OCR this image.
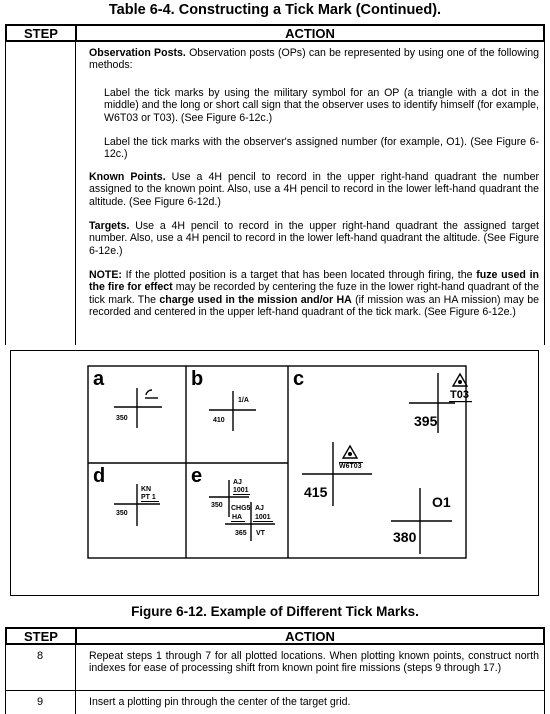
Table 6-4. Constructing a Tick Mark (Continued).
STEP	ACTION
Observation Posts. Observation posts (OPs) can be represented by using one of the following methods:
Label the tick marks by using the military symbol for an OP (a triangle with a dot in the middle) and the long or short call sign that the observer uses to identify himself (for example, W6T03 or T03). (See Figure 6-12c.)
Label the tick marks with the observer's assigned number (for example, O1). (See Figure 6-12c.)
Known Points. Use a 4H pencil to record in the upper right-hand quadrant the number assigned to the known point. Also, use a 4H pencil to record in the lower left-hand quadrant the altitude. (See Figure 6-12d.)
Targets. Use a 4H pencil to record in the upper right-hand quadrant the assigned target number. Also, use a 4H pencil to record in the lower left-hand quadrant the altitude. (See Figure 6-12e.)
NOTE: If the plotted position is a target that has been located through firing, the fuze used in the fire for effect may be recorded by centering the fuze in the lower right-hand quadrant of the tick mark. The charge used in the mission and/or HA (if mission was an HA mission) may be recorded and centered in the upper left-hand quadrant of the tick mark. (See Figure 6-12e.)
a
350
b
1/A
410
c
W6T03
415
T03
395
O1
380
d
KN
PT 1
350
e	AJ
1001
350 CHG5 AJ
HA 1001
365 VT
Figure 6-12. Example of Different Tick Marks.
STEP	ACTION
8	Repeat steps 1 through 7 for all plotted locations. When plotting known points, construct north indexes for ease of processing shift from known point fire missions (steps 9 through 17.)
9	Insert a plotting pin through the center of the target grid.
